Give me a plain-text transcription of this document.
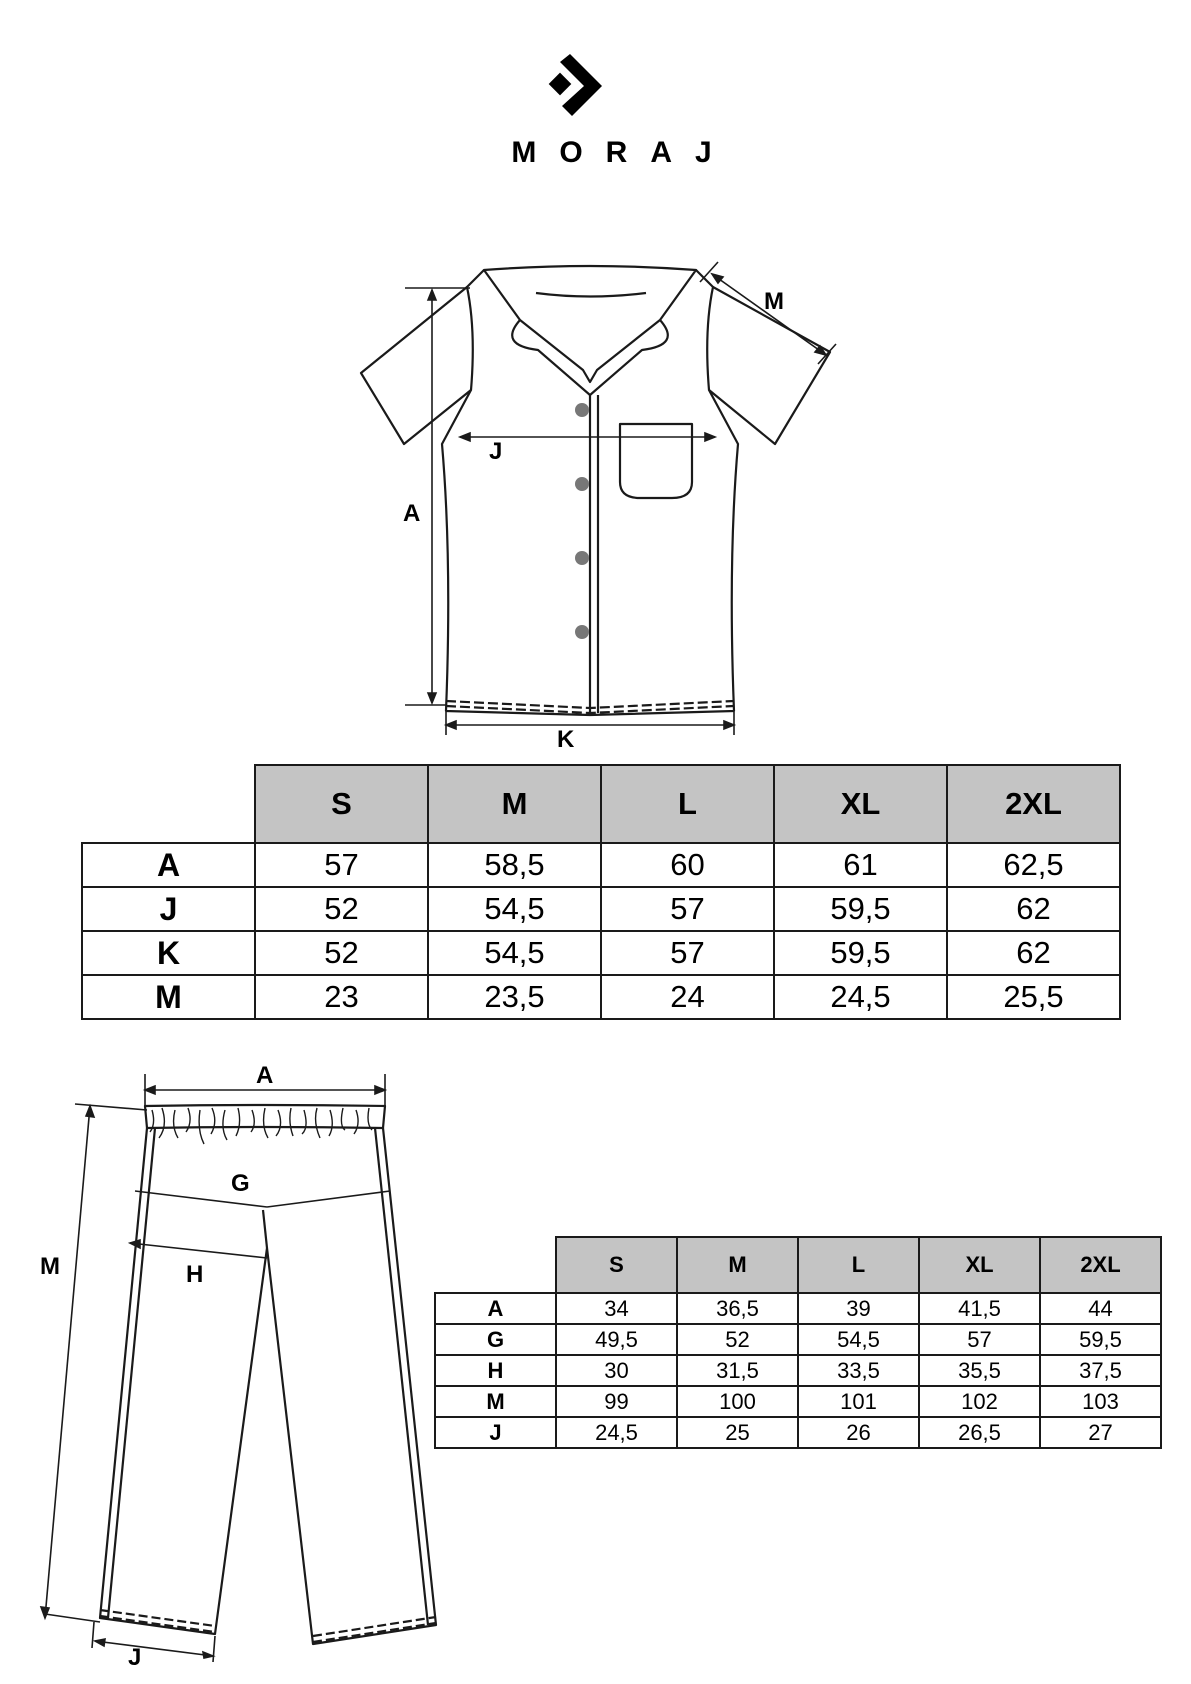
MORAJ
A
J
K
M
	S	M	L	XL	2XL
A	57	58,5	60	61	62,5
J	52	54,5	57	59,5	62
K	52	54,5	57	59,5	62
M	23	23,5	24	24,5	25,5
A
G
H
M
J
	S	M	L	XL	2XL
A	34	36,5	39	41,5	44
G	49,5	52	54,5	57	59,5
H	30	31,5	33,5	35,5	37,5
M	99	100	101	102	103
J	24,5	25	26	26,5	27
